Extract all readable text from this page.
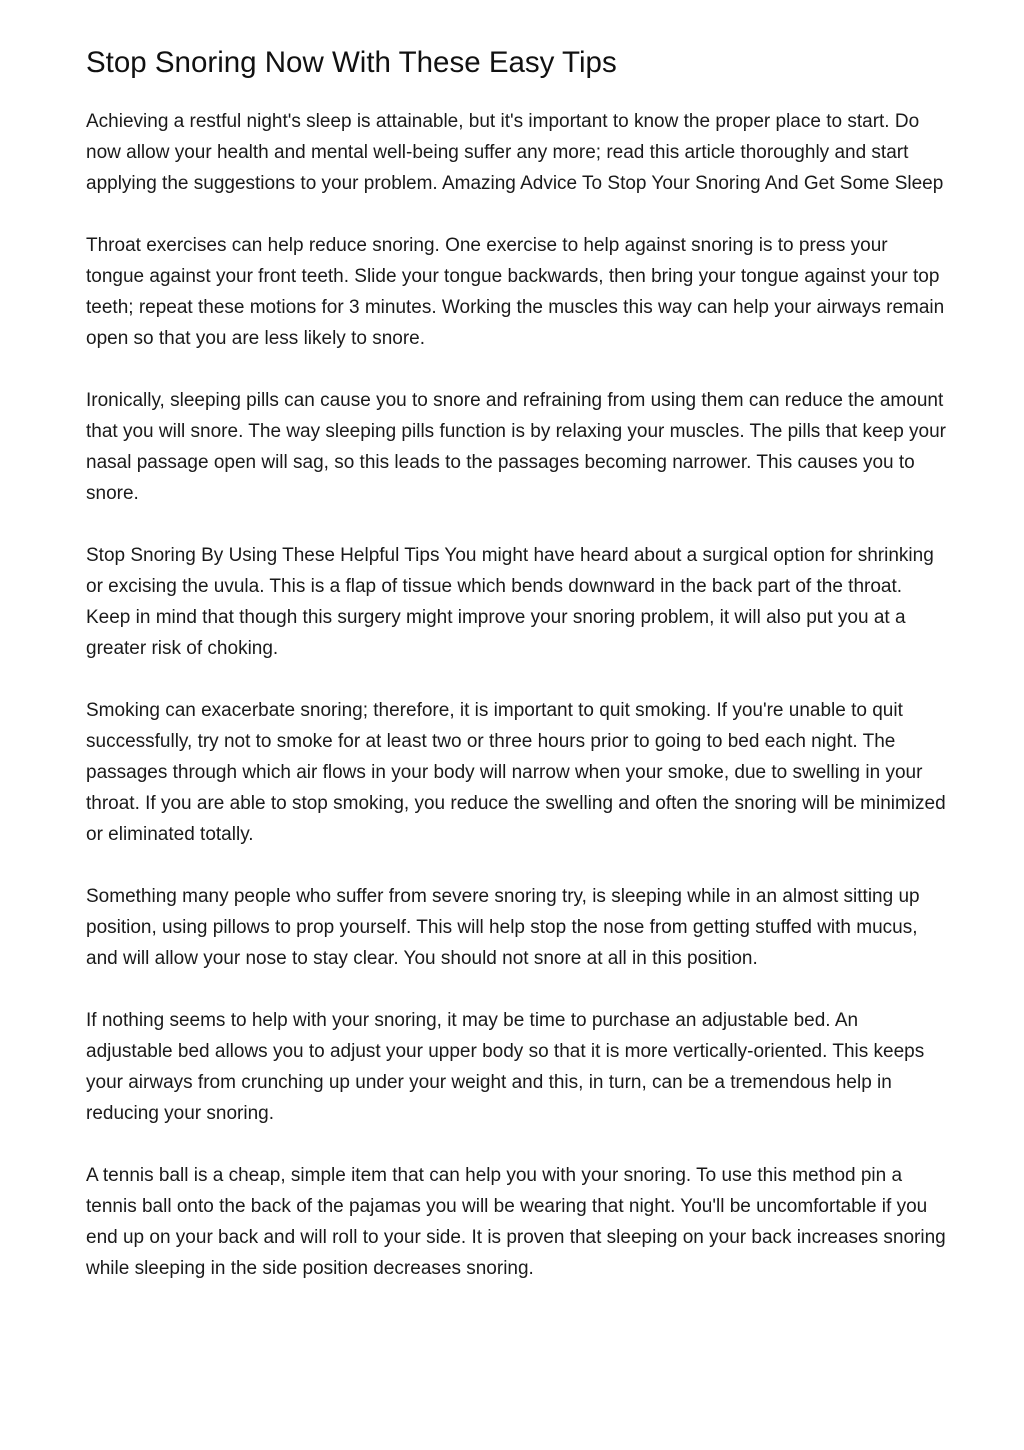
Stop Snoring Now With These Easy Tips

Achieving a restful night's sleep is attainable, but it's important to know the proper place to start. Do now allow your health and mental well-being suffer any more; read this article thoroughly and start applying the suggestions to your problem. Amazing Advice To Stop Your Snoring And Get Some Sleep

Throat exercises can help reduce snoring. One exercise to help against snoring is to press your tongue against your front teeth. Slide your tongue backwards, then bring your tongue against your top teeth; repeat these motions for 3 minutes. Working the muscles this way can help your airways remain open so that you are less likely to snore.

Ironically, sleeping pills can cause you to snore and refraining from using them can reduce the amount that you will snore. The way sleeping pills function is by relaxing your muscles. The pills that keep your nasal passage open will sag, so this leads to the passages becoming narrower. This causes you to snore.

Stop Snoring By Using These Helpful Tips You might have heard about a surgical option for shrinking or excising the uvula. This is a flap of tissue which bends downward in the back part of the throat. Keep in mind that though this surgery might improve your snoring problem, it will also put you at a greater risk of choking.

Smoking can exacerbate snoring; therefore, it is important to quit smoking. If you're unable to quit successfully, try not to smoke for at least two or three hours prior to going to bed each night. The passages through which air flows in your body will narrow when your smoke, due to swelling in your throat. If you are able to stop smoking, you reduce the swelling and often the snoring will be minimized or eliminated totally.

Something many people who suffer from severe snoring try, is sleeping while in an almost sitting up position, using pillows to prop yourself. This will help stop the nose from getting stuffed with mucus, and will allow your nose to stay clear. You should not snore at all in this position.

If nothing seems to help with your snoring, it may be time to purchase an adjustable bed. An adjustable bed allows you to adjust your upper body so that it is more vertically-oriented. This keeps your airways from crunching up under your weight and this, in turn, can be a tremendous help in reducing your snoring.

A tennis ball is a cheap, simple item that can help you with your snoring. To use this method pin a tennis ball onto the back of the pajamas you will be wearing that night. You'll be uncomfortable if you end up on your back and will roll to your side. It is proven that sleeping on your back increases snoring while sleeping in the side position decreases snoring.
